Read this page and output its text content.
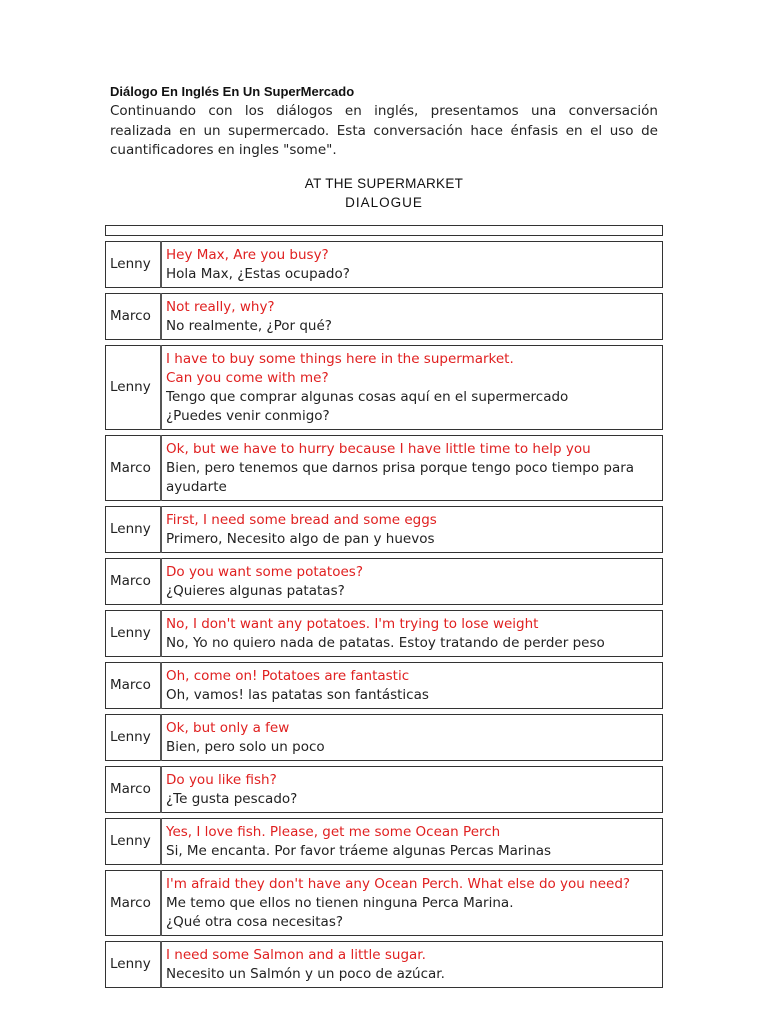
Diálogo En Inglés En Un SuperMercado
Continuando con los diálogos en inglés, presentamos una conversación realizada en un supermercado. Esta conversación hace énfasis en el uso de cuantificadores en ingles "some".
AT THE SUPERMARKET
DIALOGUE

Lenny	Hey Max, Are you busy?
Hola Max, ¿Estas ocupado?

Marco	Not really, why?
No realmente, ¿Por qué?

Lenny	I have to buy some things here in the supermarket.
Can you come with me?
Tengo que comprar algunas cosas aquí en el supermercado
¿Puedes venir conmigo?

Marco	Ok, but we have to hurry because I have little time to help you
Bien, pero tenemos que darnos prisa porque tengo poco tiempo para ayudarte

Lenny	First, I need some bread and some eggs
Primero, Necesito algo de pan y huevos

Marco	Do you want some potatoes?
¿Quieres algunas patatas?

Lenny	No, I don't want any potatoes. I'm trying to lose weight
No, Yo no quiero nada de patatas. Estoy tratando de perder peso

Marco	Oh, come on! Potatoes are fantastic
Oh, vamos! las patatas son fantásticas

Lenny	Ok, but only a few
Bien, pero solo un poco

Marco	Do you like fish?
¿Te gusta pescado?

Lenny	Yes, I love fish. Please, get me some Ocean Perch
Si, Me encanta. Por favor tráeme algunas Percas Marinas

Marco	I'm afraid they don't have any Ocean Perch. What else do you need?
Me temo que ellos no tienen ninguna Perca Marina.
¿Qué otra cosa necesitas?

Lenny	I need some Salmon and a little sugar.
Necesito un Salmón y un poco de azúcar.
